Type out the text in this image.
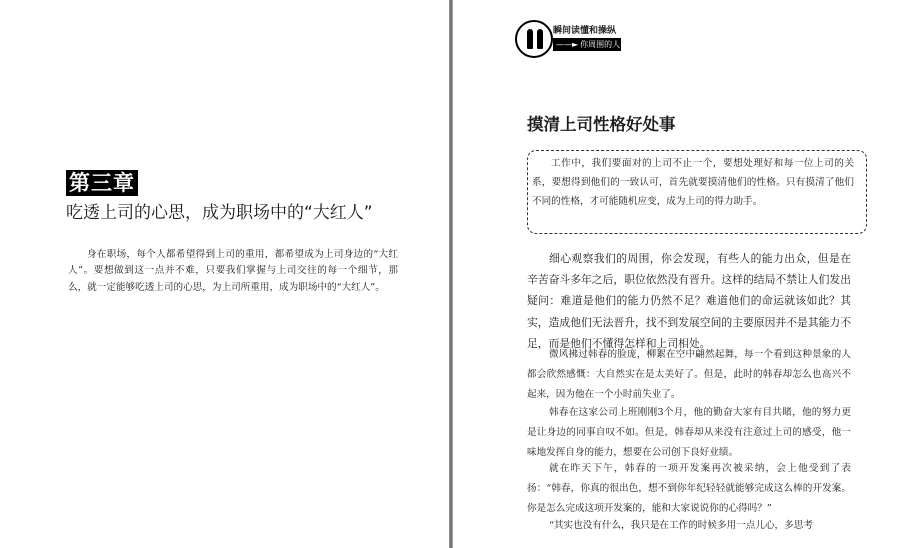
第三章
吃透上司的心思，成为职场中的“大红人”
身在职场，每个人都希望得到上司的重用，都希望成为上司身边的“大红人”。要想做到这一点并不难，只要我们掌握与上司交往的每一个细节，那么，就一定能够吃透上司的心思，为上司所重用，成为职场中的“大红人”。
瞬间读懂和操纵
——► 你周围的人
摸清上司性格好处事
工作中，我们要面对的上司不止一个，要想处理好和每一位上司的关系，要想得到他们的一致认可，首先就要摸清他们的性格。只有摸清了他们不同的性格，才可能随机应变，成为上司的得力助手。

细心观察我们的周围，你会发现，有些人的能力出众，但是在辛苦奋斗多年之后，职位依然没有晋升。这样的结局不禁让人们发出疑问：难道是他们的能力仍然不足？难道他们的命运就该如此？其实，造成他们无法晋升，找不到发展空间的主要原因并不是其能力不足，而是他们不懂得怎样和上司相处。

微风拂过韩春的脸庞，柳絮在空中翩然起舞，每一个看到这种景象的人都会欣然感慨：大自然实在是太美好了。但是，此时的韩春却怎么也高兴不起来，因为他在一个小时前失业了。

韩春在这家公司上班刚刚3个月，他的勤奋大家有目共睹，他的努力更是让身边的同事自叹不如。但是，韩春却从来没有注意过上司的感受，他一味地发挥自身的能力，想要在公司创下良好业绩。

就在昨天下午，韩春的一项开发案再次被采纳，会上他受到了表扬：“韩春，你真的很出色，想不到你年纪轻轻就能够完成这么棒的开发案。你是怎么完成这项开发案的，能和大家说说你的心得吗？”

“其实也没有什么，我只是在工作的时候多用一点儿心，多思考
